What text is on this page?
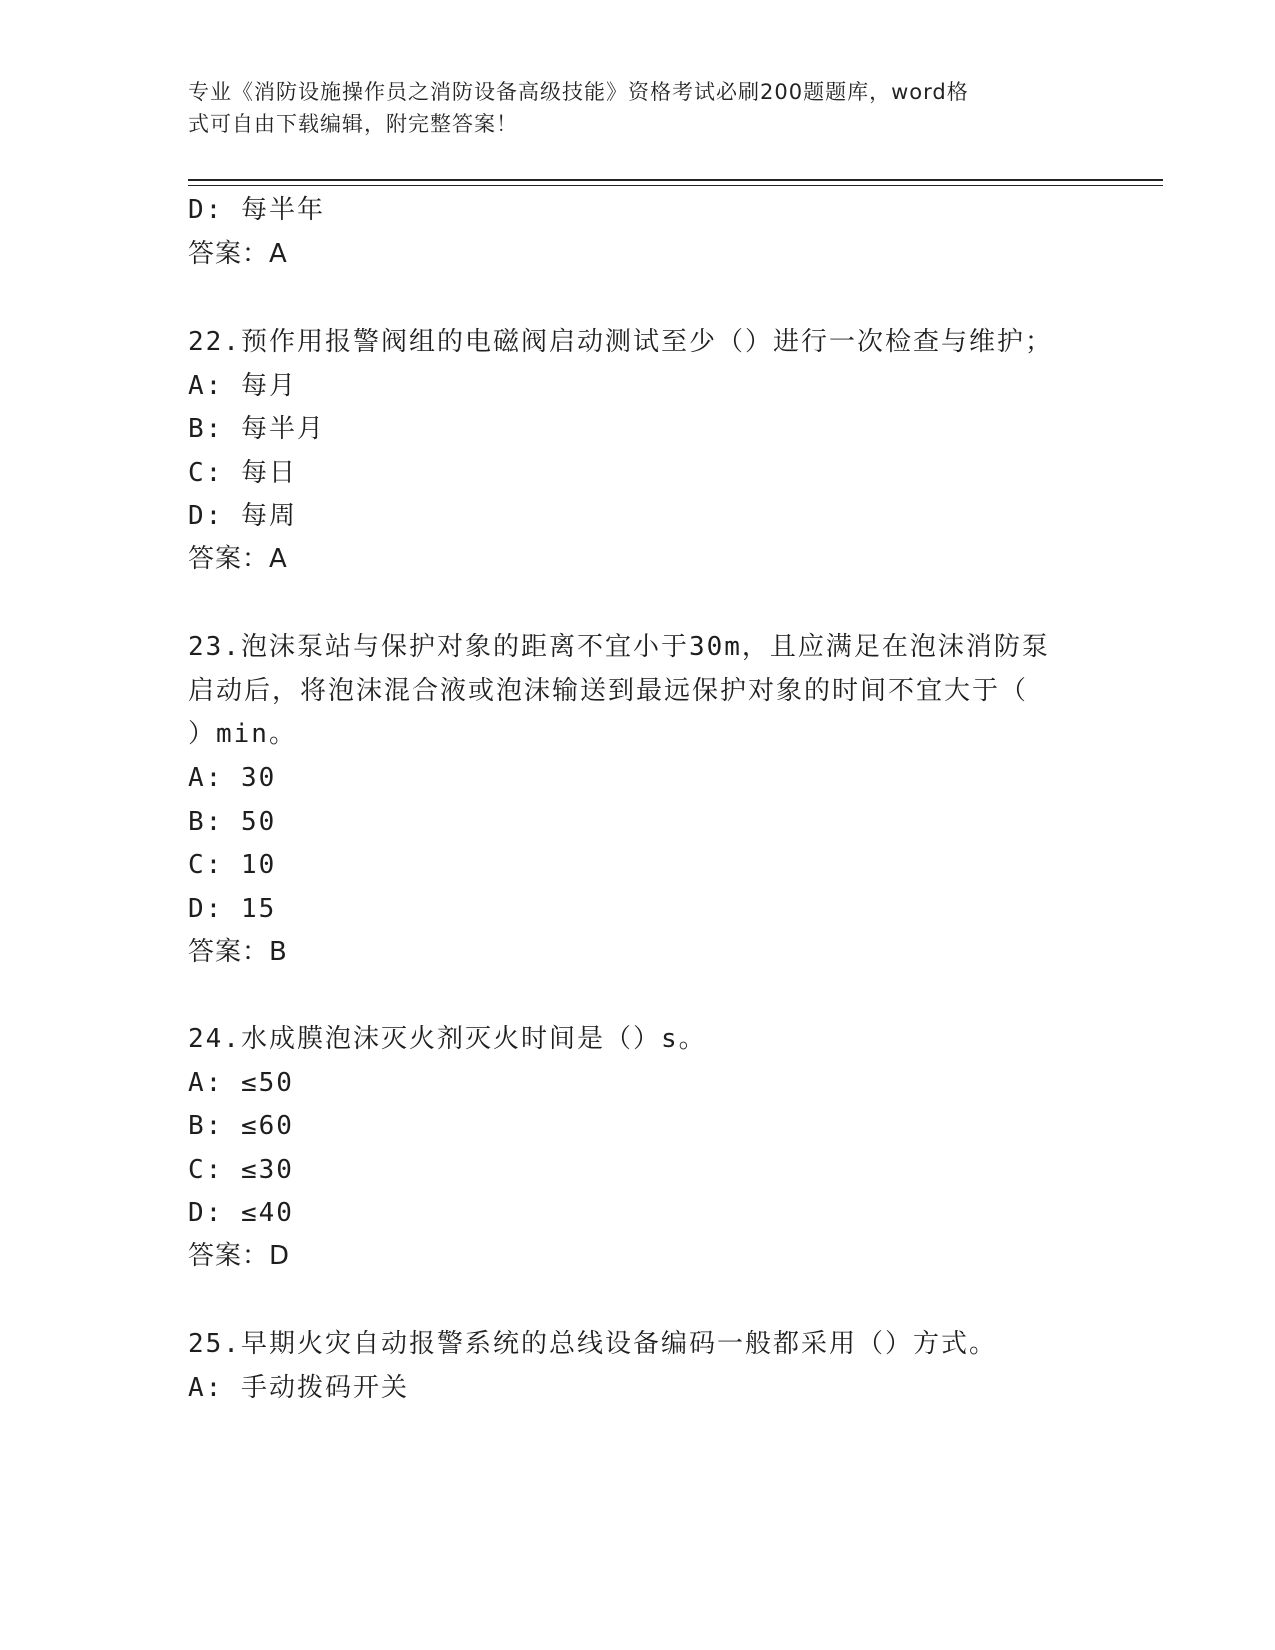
专业《消防设施操作员之消防设备高级技能》资格考试必刷200题题库，word格
式可自由下载编辑，附完整答案！
D: 每半年
答案：A
22.预作用报警阀组的电磁阀启动测试至少（）进行一次检查与维护；
A: 每月
B: 每半月
C: 每日
D: 每周
答案：A
23.泡沫泵站与保护对象的距离不宜小于30m，且应满足在泡沫消防泵
启动后，将泡沫混合液或泡沫输送到最远保护对象的时间不宜大于（
）min。
A: 30
B: 50
C: 10
D: 15
答案：B
24.水成膜泡沫灭火剂灭火时间是（）s。
A: ≤50
B: ≤60
C: ≤30
D: ≤40
答案：D
25.早期火灾自动报警系统的总线设备编码一般都采用（）方式。
A: 手动拨码开关
